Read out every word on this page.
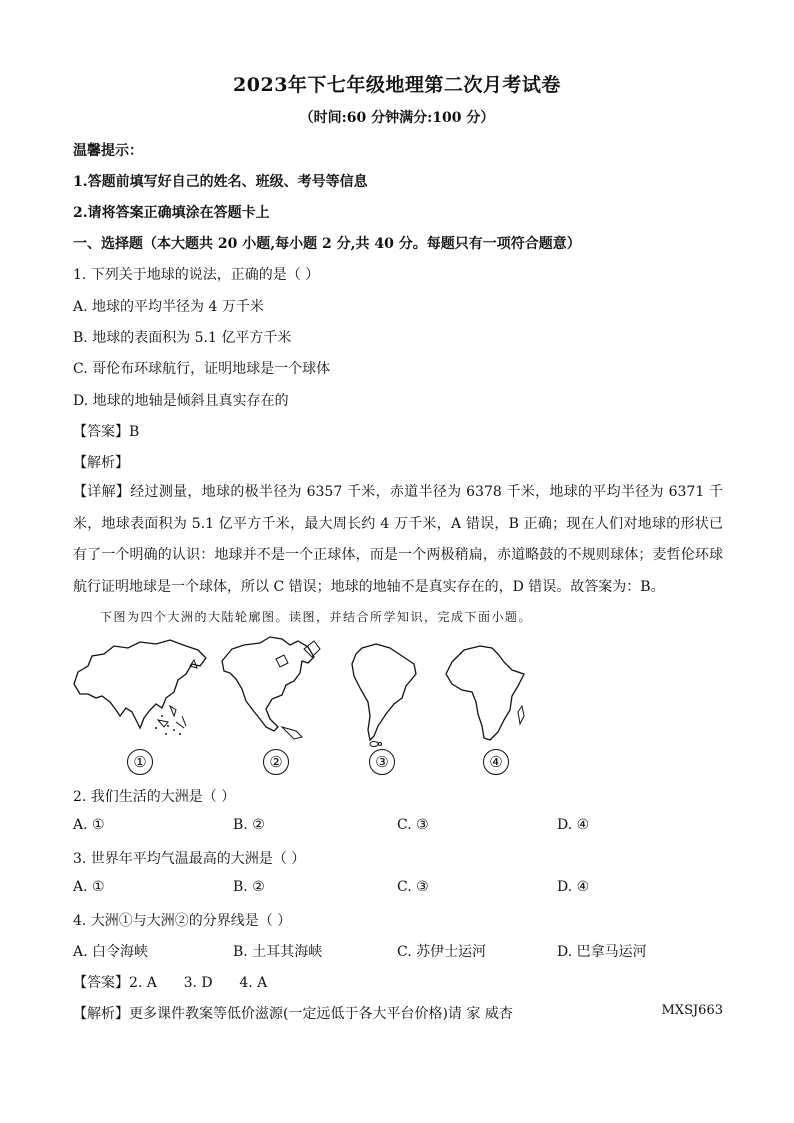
2023年下七年级地理第二次月考试卷
（时间:60 分钟满分:100 分）
温馨提示：
1.答题前填写好自己的姓名、班级、考号等信息
2.请将答案正确填涂在答题卡上
一、选择题（本大题共 20 小题,每小题 2 分,共 40 分。每题只有一项符合题意）
1. 下列关于地球的说法，正确的是（ ）
A. 地球的平均半径为 4 万千米
B. 地球的表面积为 5.1 亿平方千米
C. 哥伦布环球航行，证明地球是一个球体
D. 地球的地轴是倾斜且真实存在的
【答案】B
【解析】
【详解】经过测量，地球的极半径为 6357 千米，赤道半径为 6378 千米，地球的平均半径为 6371 千米，地球表面积为 5.1 亿平方千米，最大周长约 4 万千米，A 错误，B 正确；现在人们对地球的形状已有了一个明确的认识：地球并不是一个正球体，而是一个两极稍扁，赤道略鼓的不规则球体；麦哲伦环球航行证明地球是一个球体，所以 C 错误；地球的地轴不是真实存在的，D 错误。故答案为：B。
下图为四个大洲的大陆轮廓图。读图，并结合所学知识，完成下面小题。
①	②	③	④
2. 我们生活的大洲是（ ）
A. ①	B. ②	C. ③	D. ④
3. 世界年平均气温最高的大洲是（ ）
A. ①	B. ②	C. ③	D. ④
4. 大洲①与大洲②的分界线是（ ）
A. 白令海峡	B. 土耳其海峡	C. 苏伊士运河	D. 巴拿马运河
【答案】2. A      3. D      4. A
【解析】更多课件教案等低价滋源(一定远低于各大平台价格)请 家 威杏	MXSJ663
